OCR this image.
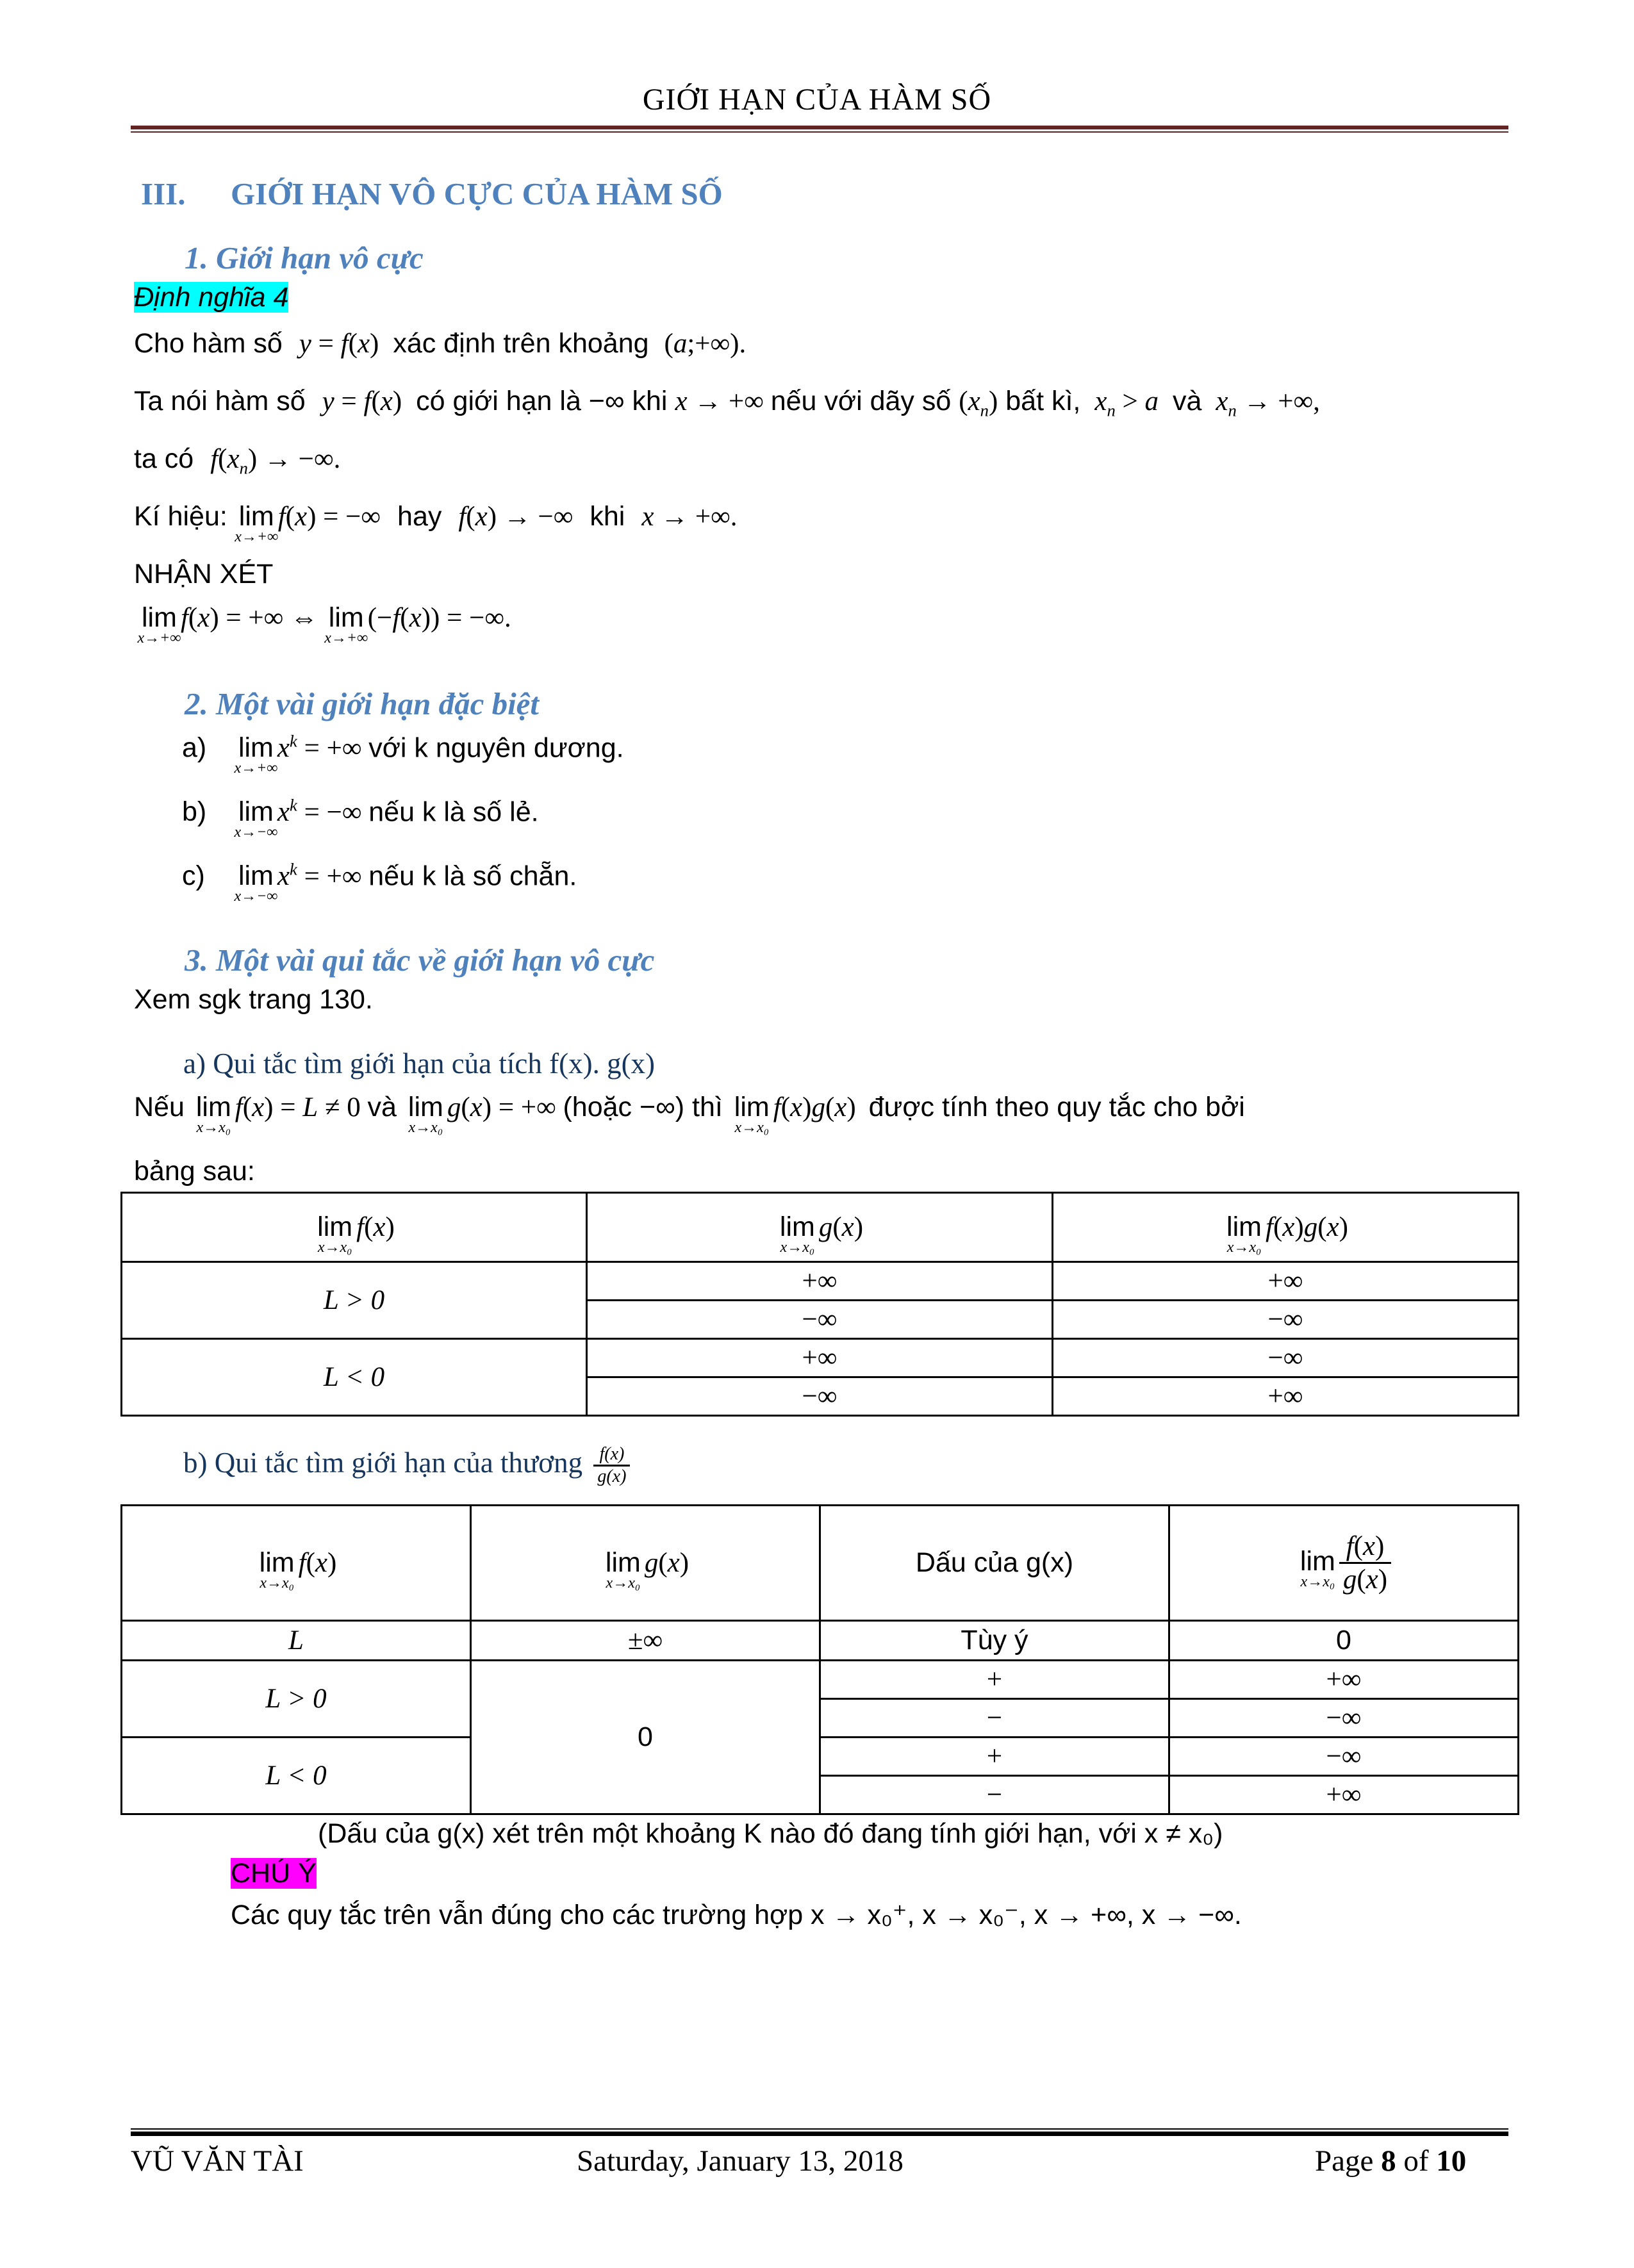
GIỚI HẠN CỦA HÀM SỐ
III. GIỚI HẠN VÔ CỰC CỦA HÀM SỐ
1. Giới hạn vô cực
Định nghĩa 4
Cho hàm số y = f(x) xác định trên khoảng (a;+∞).
Ta nói hàm số y = f(x) có giới hạn là −∞ khi x → +∞ nếu với dãy số $(x_n)$ bất kì, $x_n > a$ và $x_n$ → +∞,
ta có $f(x_n)$ → −∞.
Kí hiệu: lim
x→+∞
f(x) = −∞ hay f(x) → −∞ khi x → +∞.
NHẬN XÉT
lim
x→+∞
f(x) = +∞ ⇔ lim
x→+∞
(−f(x)) = −∞.
2. Một vài giới hạn đặc biệt
a) lim
x→+∞
$x^k$ = +∞ với k nguyên dương.
b) lim
x→−∞
$x^k$ = −∞ nếu k là số lẻ.
c) lim
x→−∞
$x^k$ = +∞ nếu k là số chẵn.
3. Một vài qui tắc về giới hạn vô cực
Xem sgk trang 130.
a) Qui tắc tìm giới hạn của tích f(x). g(x)
Nếu lim
x→x₀
f(x) = L ≠ 0 và lim
x→x₀
g(x) = +∞ (hoặc −∞) thì lim
x→x₀
f(x)g(x) được tính theo quy tắc cho bởi
bảng sau:
lim
x→x₀
f(x)	lim
x→x₀
g(x)	lim
x→x₀
f(x)g(x)
L > 0	+∞	+∞
	−∞	−∞
L < 0	+∞	−∞
	−∞	+∞
b) Qui tắc tìm giới hạn của thương $\frac{f(x)}{g(x)}$
lim
x→x₀
f(x)	lim
x→x₀
g(x)	Dấu của g(x)	lim
$x\to x_0 \frac{f(x)}{g(x)}$

L	±∞	Tùy ý	0
L > 0	0	+	+∞
		−	−∞
L < 0		+	−∞
		−	+∞
(Dấu của g(x) xét trên một khoảng K nào đó đang tính giới hạn, với x ≠ x₀)
CHÚ Ý
Các quy tắc trên vẫn đúng cho các trường hợp x → x₀⁺, x → x₀⁻, x → +∞, x → −∞.
VŨ VĂN TÀI	Saturday, January 13, 2018	Page 8 of 10
